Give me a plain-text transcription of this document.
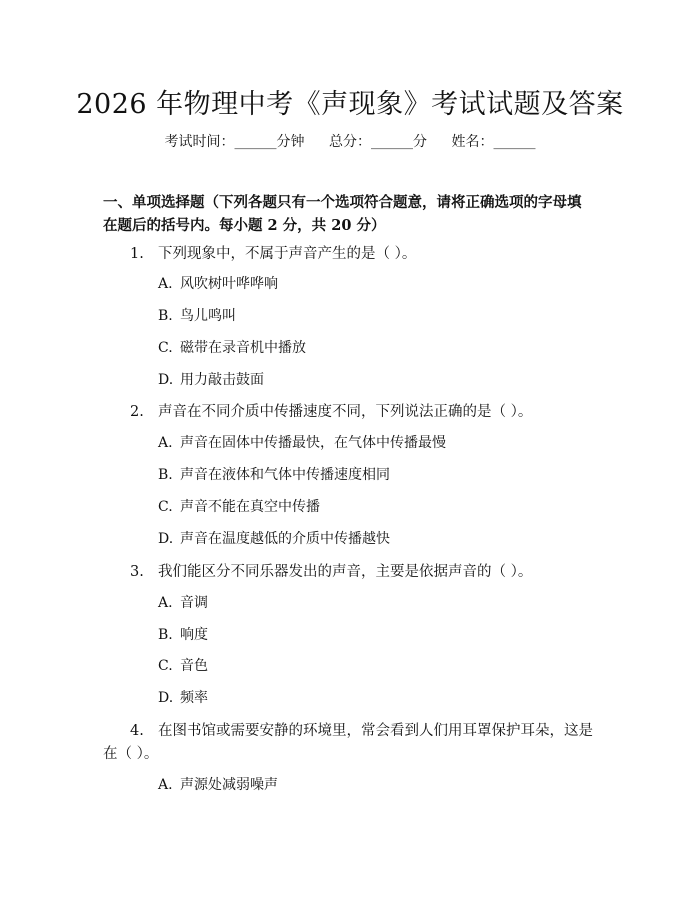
2026 年物理中考《声现象》考试试题及答案
考试时间：______分钟 总分：______分 姓名：______
一、单项选择题（下列各题只有一个选项符合题意，请将正确选项的字母填在题后的括号内。每小题 2 分，共 20 分）
1. 下列现象中，不属于声音产生的是（ ）。
A. 风吹树叶哗哗响
B. 鸟儿鸣叫
C. 磁带在录音机中播放
D. 用力敲击鼓面
2. 声音在不同介质中传播速度不同，下列说法正确的是（ ）。
A. 声音在固体中传播最快，在气体中传播最慢
B. 声音在液体和气体中传播速度相同
C. 声音不能在真空中传播
D. 声音在温度越低的介质中传播越快
3. 我们能区分不同乐器发出的声音，主要是依据声音的（ ）。
A. 音调
B. 响度
C. 音色
D. 频率
4. 在图书馆或需要安静的环境里，常会看到人们用耳罩保护耳朵，这是在（ ）。
A. 声源处减弱噪声
